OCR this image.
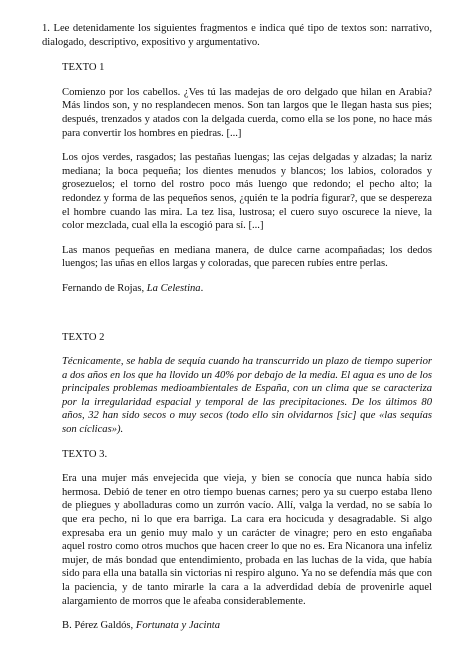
1. Lee detenidamente los siguientes fragmentos e indica qué tipo de textos son: narrativo, dialogado, descriptivo, expositivo y argumentativo.

TEXTO 1

Comienzo por los cabellos. ¿Ves tú las madejas de oro delgado que hilan en Arabia? Más lindos son, y no resplandecen menos. Son tan largos que le llegan hasta sus pies; después, trenzados y atados con la delgada cuerda, como ella se los pone, no hace más para convertir los hombres en piedras. [...]

Los ojos verdes, rasgados; las pestañas luengas; las cejas delgadas y alzadas; la nariz mediana; la boca pequeña; los dientes menudos y blancos; los labios, colorados y grosezuelos; el torno del rostro poco más luengo que redondo; el pecho alto; la redondez y forma de las pequeños senos, ¿quién te la podría figurar?, que se despereza el hombre cuando las mira. La tez lisa, lustrosa; el cuero suyo oscurece la nieve, la color mezclada, cual ella la escogió para sí. [...]

Las manos pequeñas en mediana manera, de dulce carne acompañadas; los dedos luengos; las uñas en ellos largas y coloradas, que parecen rubíes entre perlas.

Fernando de Rojas, La Celestina.

TEXTO 2

Técnicamente, se habla de sequía cuando ha transcurrido un plazo de tiempo superior a dos años en los que ha llovido un 40% por debajo de la media. El agua es uno de los principales problemas medioambientales de España, con un clima que se caracteriza por la irregularidad espacial y temporal de las precipitaciones. De los últimos 80 años, 32 han sido secos o muy secos (todo ello sin olvidarnos [sic] que «las sequías son cíclicas»).

TEXTO 3.

Era una mujer más envejecida que vieja, y bien se conocía que nunca había sido hermosa. Debió de tener en otro tiempo buenas carnes; pero ya su cuerpo estaba lleno de pliegues y abolladuras como un zurrón vacío. Allí, valga la verdad, no se sabía lo que era pecho, ni lo que era barriga. La cara era hocicuda y desagradable. Si algo expresaba era un genio muy malo y un carácter de vinagre; pero en esto engañaba aquel rostro como otros muchos que hacen creer lo que no es. Era Nicanora una infeliz mujer, de más bondad que entendimiento, probada en las luchas de la vida, que había sido para ella una batalla sin victorias ni respiro alguno. Ya no se defendía más que con la paciencia, y de tanto mirarle la cara a la adverdidad debía de provenirle aquel alargamiento de morros que le afeaba considerablemente.

B. Pérez Galdós, Fortunata y Jacinta
